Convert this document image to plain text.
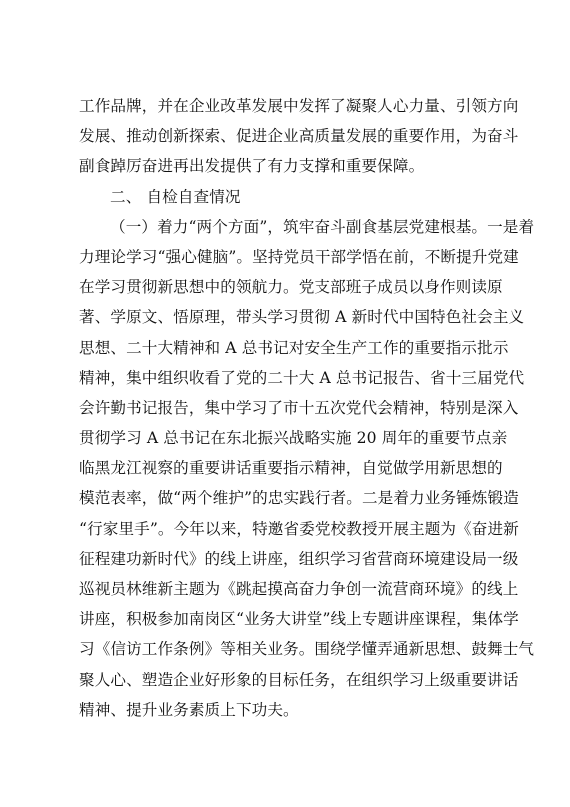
工作品牌，并在企业改革发展中发挥了凝聚人心力量、引领方向
发展、推动创新探索、促进企业高质量发展的重要作用，为奋斗
副食踔厉奋进再出发提供了有力支撑和重要保障。
二、 自检自查情况
（一）着力“两个方面”，筑牢奋斗副食基层党建根基。一是着
力理论学习“强心健脑”。坚持党员干部学悟在前，不断提升党建
在学习贯彻新思想中的领航力。党支部班子成员以身作则读原
著、学原文、悟原理，带头学习贯彻 A 新时代中国特色社会主义
思想、二十大精神和 A 总书记对安全生产工作的重要指示批示
精神，集中组织收看了党的二十大 A 总书记报告、省十三届党代
会许勤书记报告，集中学习了市十五次党代会精神，特别是深入
贯彻学习 A 总书记在东北振兴战略实施 20 周年的重要节点亲
临黑龙江视察的重要讲话重要指示精神，自觉做学用新思想的
模范表率，做“两个维护”的忠实践行者。二是着力业务锤炼锻造
“行家里手”。今年以来，特邀省委党校教授开展主题为《奋进新
征程建功新时代》的线上讲座，组织学习省营商环境建设局一级
巡视员林维新主题为《跳起摸高奋力争创一流营商环境》的线上
讲座，积极参加南岗区“业务大讲堂”线上专题讲座课程，集体学
习《信访工作条例》等相关业务。围绕学懂弄通新思想、鼓舞士气
聚人心、塑造企业好形象的目标任务，在组织学习上级重要讲话
精神、提升业务素质上下功夫。
